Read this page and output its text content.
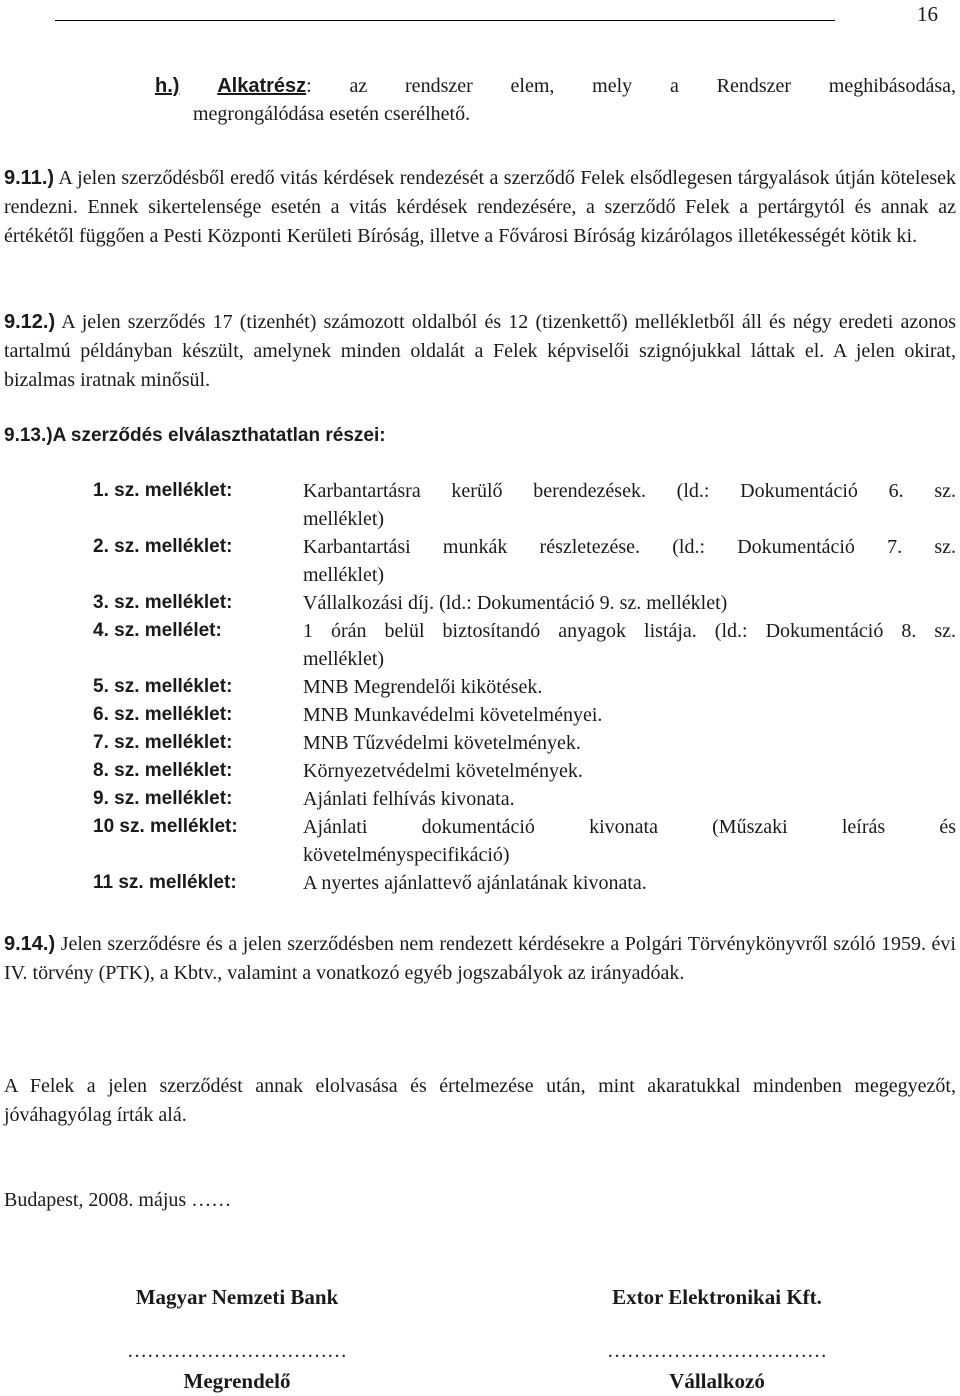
16
h.) Alkatrész: az rendszer elem, mely a Rendszer meghibásodása,
megrongálódása esetén cserélhető.

9.11.) A jelen szerződésből eredő vitás kérdések rendezését a szerződő Felek elsődlegesen tárgyalások útján kötelesek rendezni. Ennek sikertelensége esetén a vitás kérdések rendezésére, a szerződő Felek a pertárgytól és annak az értékétől függően a Pesti Központi Kerületi Bíróság, illetve a Fővárosi Bíróság kizárólagos illetékességét kötik ki.

9.12.) A jelen szerződés 17 (tizenhét) számozott oldalból és 12 (tizenkettő) mellékletből áll és négy eredeti azonos tartalmú példányban készült, amelynek minden oldalát a Felek képviselői szignójukkal láttak el. A jelen okirat, bizalmas iratnak minősül.

9.13.)A szerződés elválaszthatatlan részei:
1. sz. melléklet:	Karbantartásra kerülő berendezések. (ld.: Dokumentáció 6. sz.
melléklet)
2. sz. melléklet:	Karbantartási munkák részletezése. (ld.: Dokumentáció 7. sz.
melléklet)
3. sz. melléklet:	Vállalkozási díj. (ld.: Dokumentáció 9. sz. melléklet)
4. sz. mellélet:	1 órán belül biztosítandó anyagok listája. (ld.: Dokumentáció 8. sz.
melléklet)
5. sz. melléklet:	MNB Megrendelői kikötések.
6. sz. melléklet:	MNB Munkavédelmi követelményei.
7. sz. melléklet:	MNB Tűzvédelmi követelmények.
8. sz. melléklet:	Környezetvédelmi követelmények.
9. sz. melléklet:	Ajánlati felhívás kivonata.
10 sz. melléklet:	Ajánlati dokumentáció kivonata (Műszaki leírás és
követelményspecifikáció)
11 sz. melléklet:	A nyertes ajánlattevő ajánlatának kivonata.

9.14.) Jelen szerződésre és a jelen szerződésben nem rendezett kérdésekre a Polgári Törvénykönyvről szóló 1959. évi IV. törvény (PTK), a Kbtv., valamint a vonatkozó egyéb jogszabályok az irányadóak.

A Felek a jelen szerződést annak elolvasása és értelmezése után, mint akaratukkal mindenben megegyezőt, jóváhagyólag írták alá.
Budapest, 2008. május ……
Magyar Nemzeti Bank
……………………………
Megrendelő
Extor Elektronikai Kft.
……………………………
Vállalkozó
